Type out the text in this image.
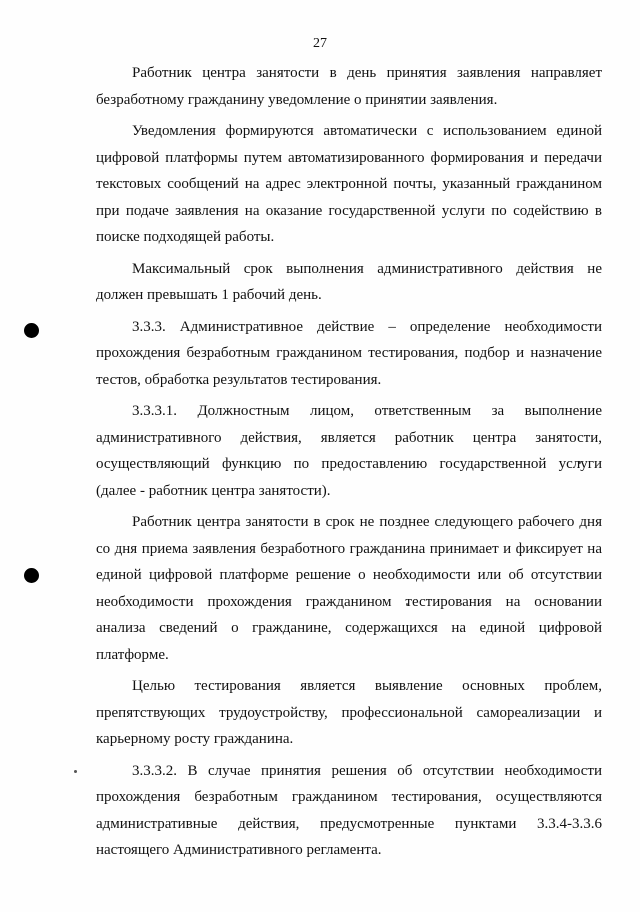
27

Работник центра занятости в день принятия заявления направляет безработному гражданину уведомление о принятии заявления.

Уведомления формируются автоматически с использованием единой цифровой платформы путем автоматизированного формирования и передачи текстовых сообщений на адрес электронной почты, указанный гражданином при подаче заявления на оказание государственной услуги по содействию в поиске подходящей работы.

Максимальный срок выполнения административного действия не должен превышать 1 рабочий день.

3.3.3. Административное действие – определение необходимости прохождения безработным гражданином тестирования, подбор и назначение тестов, обработка результатов тестирования.

3.3.3.1. Должностным лицом, ответственным за выполнение административного действия, является работник центра занятости, осуществляющий функцию по предоставлению государственной услуги (далее - работник центра занятости).

Работник центра занятости в срок не позднее следующего рабочего дня со дня приема заявления безработного гражданина принимает и фиксирует на единой цифровой платформе решение о необходимости или об отсутствии необходимости прохождения гражданином тестирования на основании анализа сведений о гражданине, содержащихся на единой цифровой платформе.

Целью тестирования является выявление основных проблем, препятствующих трудоустройству, профессиональной самореализации и карьерному росту гражданина.

3.3.3.2. В случае принятия решения об отсутствии необходимости прохождения безработным гражданином тестирования, осуществляются административные действия, предусмотренные пунктами 3.3.4-3.3.6 настоящего Административного регламента.
